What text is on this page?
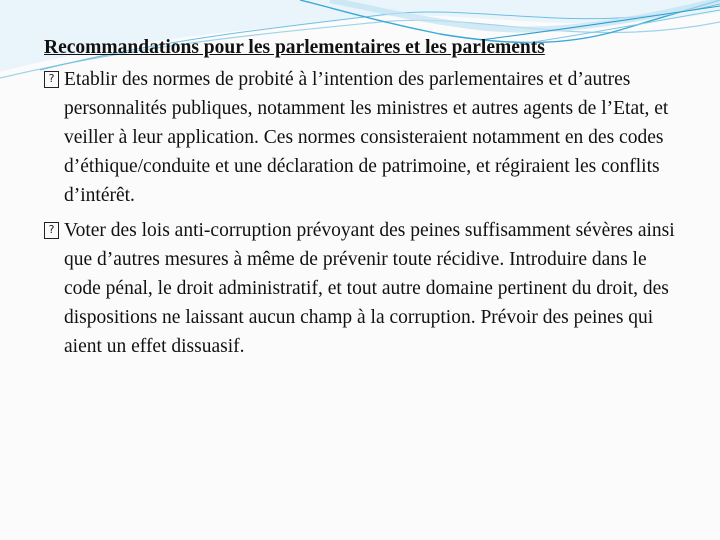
Recommandations pour les parlementaires et les parlements

? Etablir des normes de probité à l’intention des parlementaires et d’autres personnalités publiques, notamment les ministres et autres agents de l’Etat, et veiller à leur application. Ces normes consisteraient notamment en des codes d’éthique/conduite et une déclaration de patrimoine, et régiraient les conflits d’intérêt.

? Voter des lois anti-corruption prévoyant des peines suffisamment sévères ainsi que d’autres mesures à même de prévenir toute récidive. Introduire dans le code pénal, le droit administratif, et tout autre domaine pertinent du droit, des dispositions ne laissant aucun champ à la corruption. Prévoir des peines qui aient un effet dissuasif.
